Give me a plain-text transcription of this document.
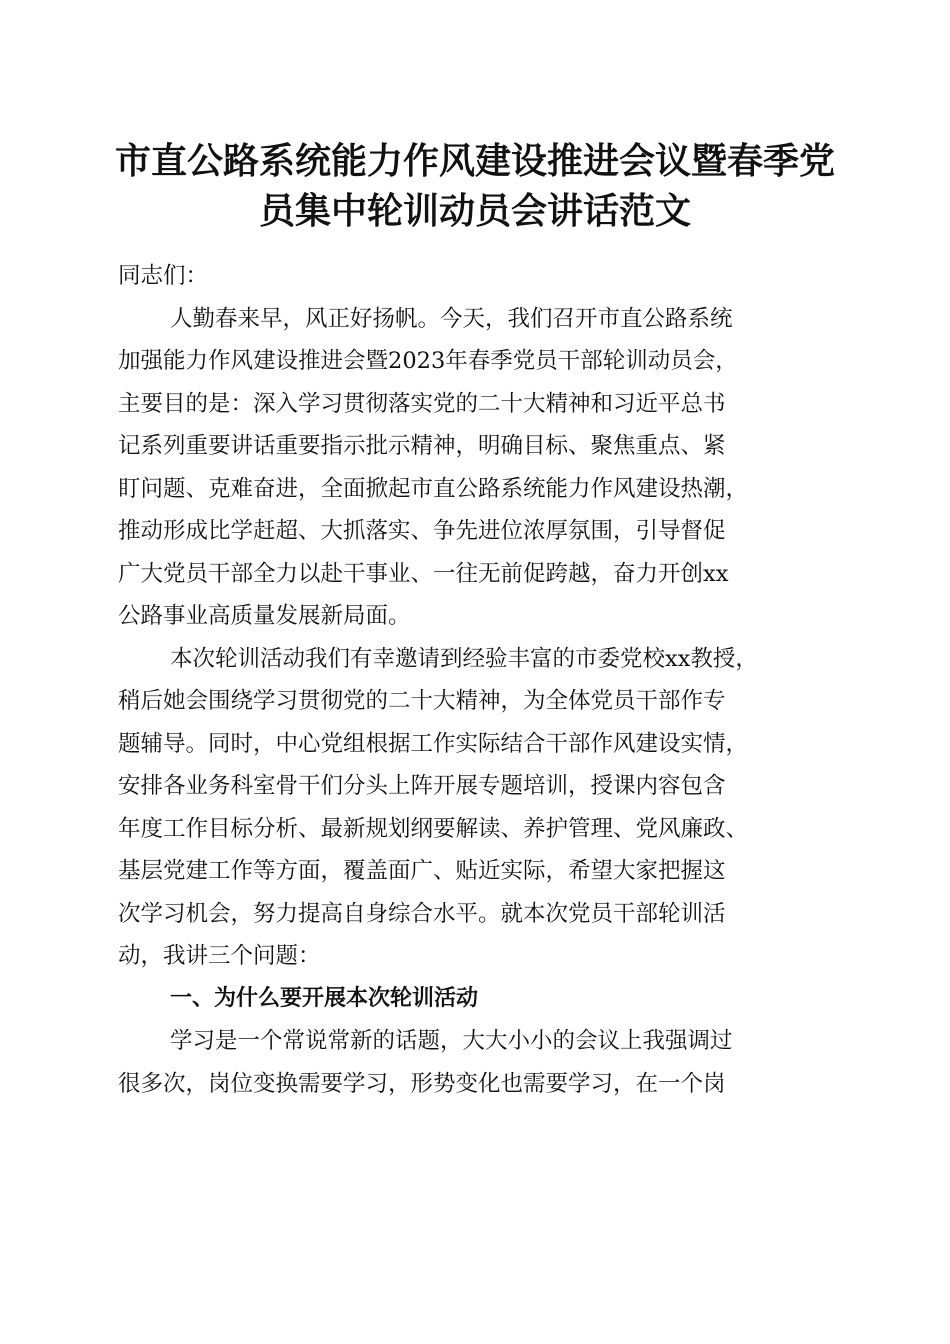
市直公路系统能力作风建设推进会议暨春季党
员集中轮训动员会讲话范文

同志们：

人勤春来早，风正好扬帆。今天，我们召开市直公路系统
加强能力作风建设推进会暨2023年春季党员干部轮训动员会，
主要目的是：深入学习贯彻落实党的二十大精神和习近平总书
记系列重要讲话重要指示批示精神，明确目标、聚焦重点、紧
盯问题、克难奋进，全面掀起市直公路系统能力作风建设热潮，
推动形成比学赶超、大抓落实、争先进位浓厚氛围，引导督促
广大党员干部全力以赴干事业、一往无前促跨越，奋力开创xx
公路事业高质量发展新局面。

本次轮训活动我们有幸邀请到经验丰富的市委党校xx教授，
稍后她会围绕学习贯彻党的二十大精神，为全体党员干部作专
题辅导。同时，中心党组根据工作实际结合干部作风建设实情，
安排各业务科室骨干们分头上阵开展专题培训，授课内容包含
年度工作目标分析、最新规划纲要解读、养护管理、党风廉政、
基层党建工作等方面，覆盖面广、贴近实际，希望大家把握这
次学习机会，努力提高自身综合水平。就本次党员干部轮训活
动，我讲三个问题：

一、为什么要开展本次轮训活动

学习是一个常说常新的话题，大大小小的会议上我强调过
很多次，岗位变换需要学习，形势变化也需要学习，在一个岗
